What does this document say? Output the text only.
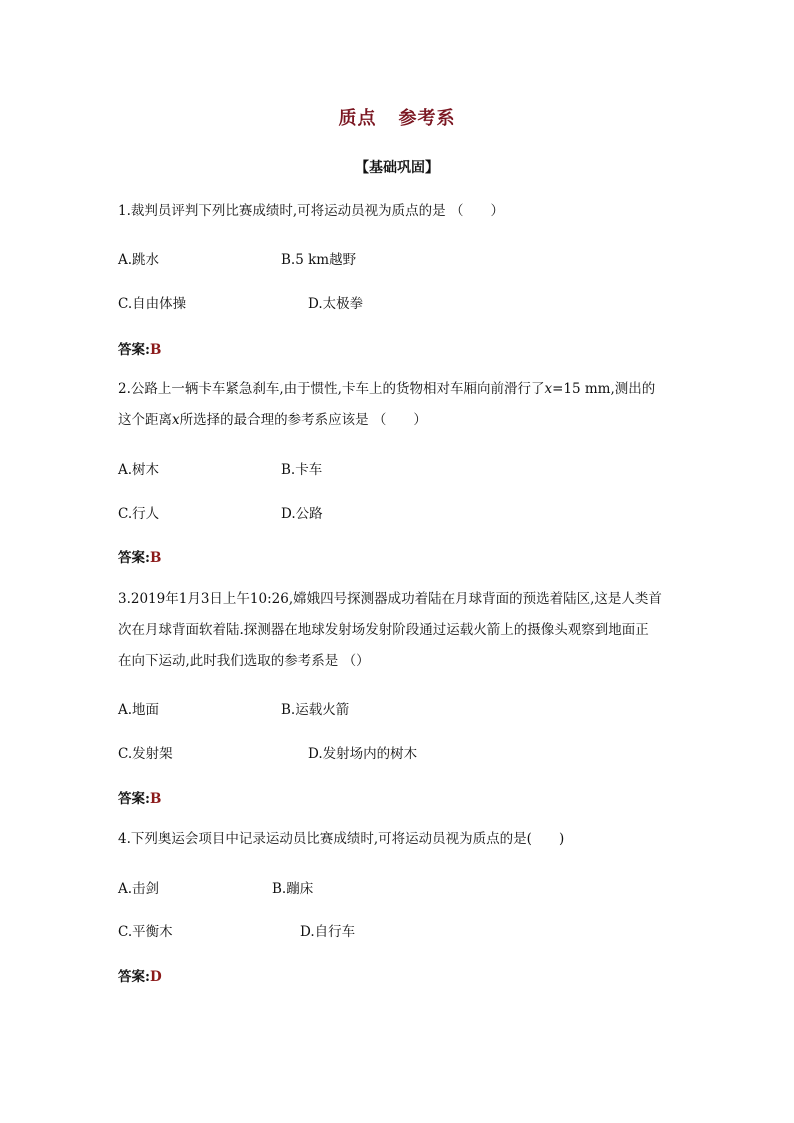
质点 参考系
【基础巩固】
1.裁判员评判下列比赛成绩时,可将运动员视为质点的是 （　　）
A.跳水	B.5 km越野
C.自由体操	D.太极拳
答案:B
2.公路上一辆卡车紧急刹车,由于惯性,卡车上的货物相对车厢向前滑行了x=15 mm,测出的
这个距离x所选择的最合理的参考系应该是 （　　）
A.树木	B.卡车
C.行人	D.公路
答案:B
3.2019年1月3日上午10:26,嫦娥四号探测器成功着陆在月球背面的预选着陆区,这是人类首
次在月球背面软着陆.探测器在地球发射场发射阶段通过运载火箭上的摄像头观察到地面正
在向下运动,此时我们选取的参考系是 （）
A.地面	B.运载火箭
C.发射架	D.发射场内的树木
答案:B
4.下列奥运会项目中记录运动员比赛成绩时,可将运动员视为质点的是(　　)
A.击剑	B.蹦床
C.平衡木	D.自行车
答案:D
